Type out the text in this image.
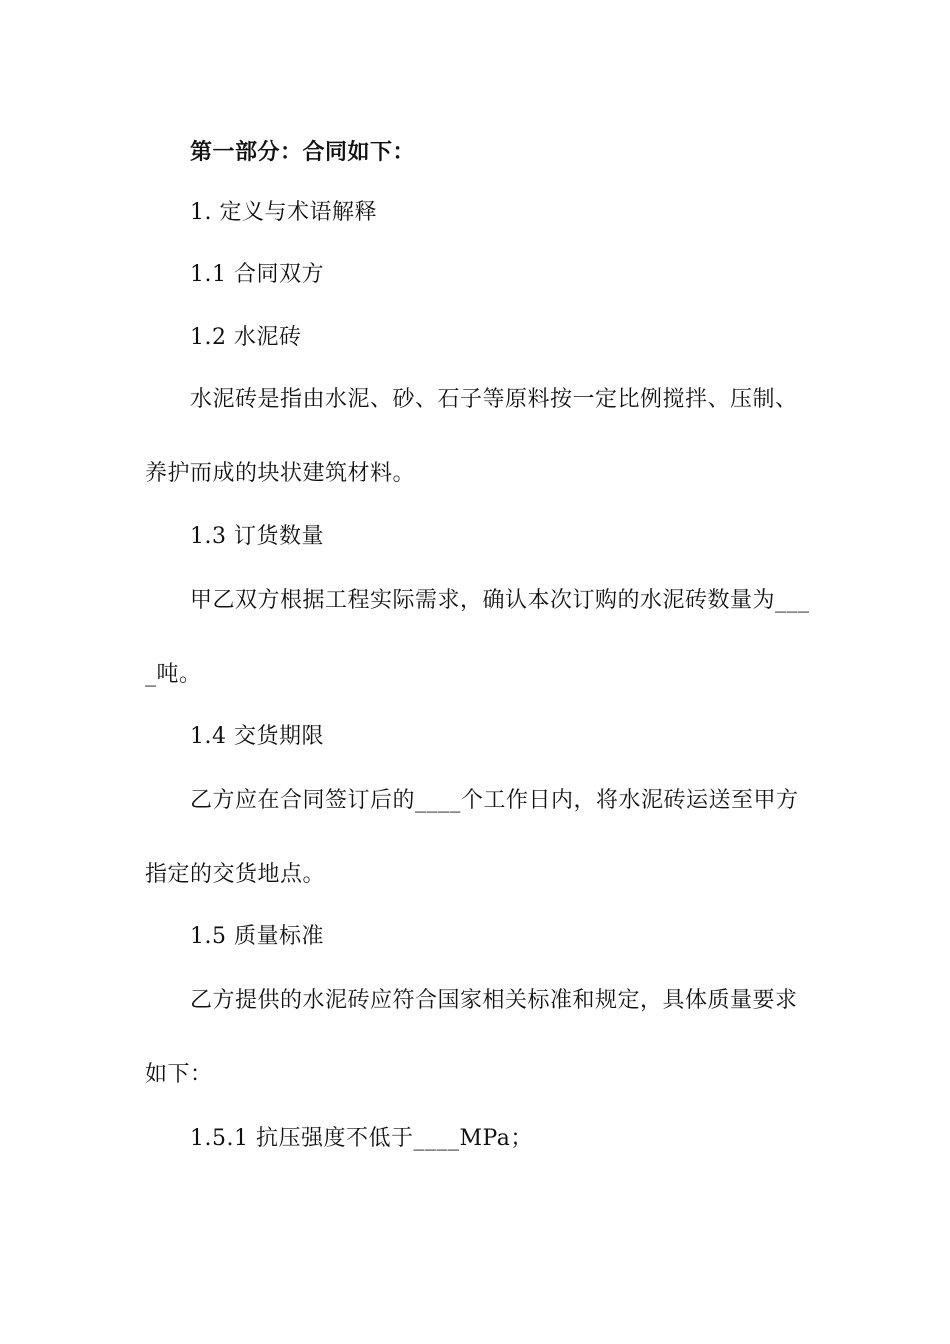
第一部分：合同如下：
1. 定义与术语解释
1.1 合同双方
1.2 水泥砖
水泥砖是指由水泥、砂、石子等原料按一定比例搅拌、压制、
养护而成的块状建筑材料。
1.3 订货数量
甲乙双方根据工程实际需求，确认本次订购的水泥砖数量为___
_吨。
1.4 交货期限
乙方应在合同签订后的____个工作日内，将水泥砖运送至甲方
指定的交货地点。
1.5 质量标准
乙方提供的水泥砖应符合国家相关标准和规定，具体质量要求
如下：
1.5.1 抗压强度不低于____MPa；
